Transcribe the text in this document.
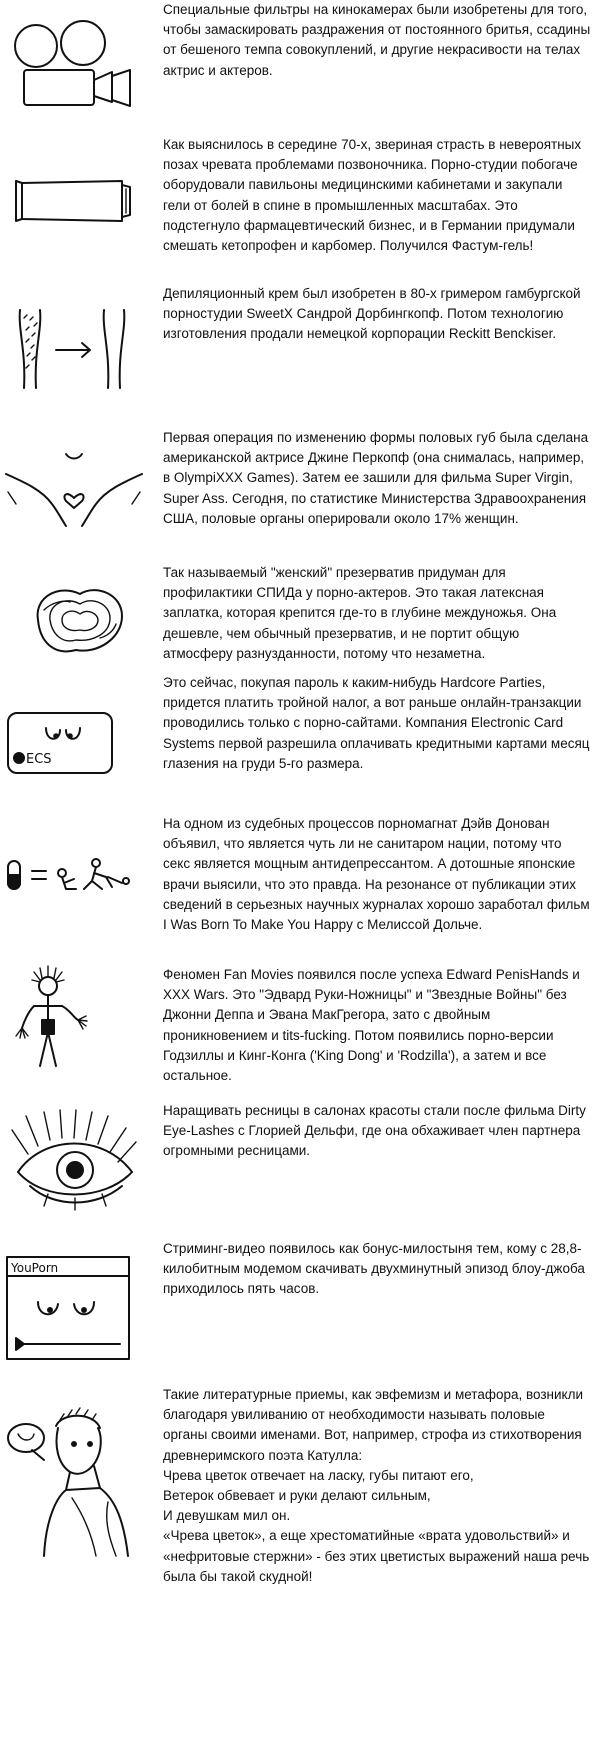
Специальные фильтры на кинокамерах были изобретены для того, чтобы замаскировать раздражения от постоянного бритья, ссадины от бешеного темпа совокуплений, и другие некрасивости на телах актрис и актеров.
Как выяснилось в середине 70-х, звериная страсть в невероятных позах чревата проблемами позвоночника. Порно-студии побогаче оборудовали павильоны медицинскими кабинетами и закупали гели от болей в спине в промышленных масштабах. Это подстегнуло фармацевтический бизнес, и в Германии придумали смешать кетопрофен и карбомер. Получился Фастум-гель!
Депиляционный крем был изобретен в 80-х гримером гамбургской порностудии SweetX Сандрой Дорбингкопф. Потом технологию изготовления продали немецкой корпорации Reckitt Benckiser.
Первая операция по изменению формы половых губ была сделана американской актрисе Джине Перкопф (она снималась, например, в OlympiXXX Games). Затем ее зашили для фильма Super Virgin, Super Ass. Сегодня, по статистике Министерства Здравоохранения США, половые органы оперировали около 17% женщин.
Так называемый "женский" презерватив придуман для профилактики СПИДа у порно-актеров. Это такая латексная заплатка, которая крепится где-то в глубине междуножья. Она дешевле, чем обычный презерватив, и не портит общую атмосферу разнузданности, потому что незаметна.
ECS
Это сейчас, покупая пароль к каким-нибудь Hardcore Parties, придется платить тройной налог, а вот раньше онлайн-транзакции проводились только с порно-сайтами. Компания Electronic Card Systems первой разрешила оплачивать кредитными картами месяц глазения на груди 5-го размера.
На одном из судебных процессов порномагнат Дэйв Донован объявил, что является чуть ли не санитаром нации, потому что секс является мощным антидепрессантом. А дотошные японские врачи выясили, что это правда. На резонансе от публикации этих сведений в серьезных научных журналах хорошо заработал фильм I Was Born To Make You Happy с Мелиссой Дольче.
Феномен Fan Movies появился после успеха Edward PenisHands и XXX Wars. Это "Эдвард Руки-Ножницы" и "Звездные Войны" без Джонни Деппа и Эвана МакГрегора, зато с двойным проникновением и tits-fucking. Потом появились порно-версии Годзиллы и Кинг-Конга ('King Dong' и 'Rodzilla'), а затем и все остальное.
Наращивать ресницы в салонах красоты стали после фильма Dirty Eye-Lashes с Глорией Дельфи, где она обхаживает член партнера огромными ресницами.
YouPorn
Стриминг-видео появилось как бонус-милостыня тем, кому с 28,8-килобитным модемом скачивать двухминутный эпизод блоу-джоба приходилось пять часов.

Такие литературные приемы, как эвфемизм и метафора, возникли благодаря увиливанию от необходимости называть половые органы своими именами. Вот, например, строфа из стихотворения древнеримского поэта Катулла:

Чрева цветок отвечает на ласку, губы питают его,

Ветерок обвевает и руки делают сильным,

И девушкам мил он.

«Чрева цветок», а еще хрестоматийные «врата удовольствий» и «нефритовые стержни» - без этих цветистых выражений наша речь была бы такой скудной!
